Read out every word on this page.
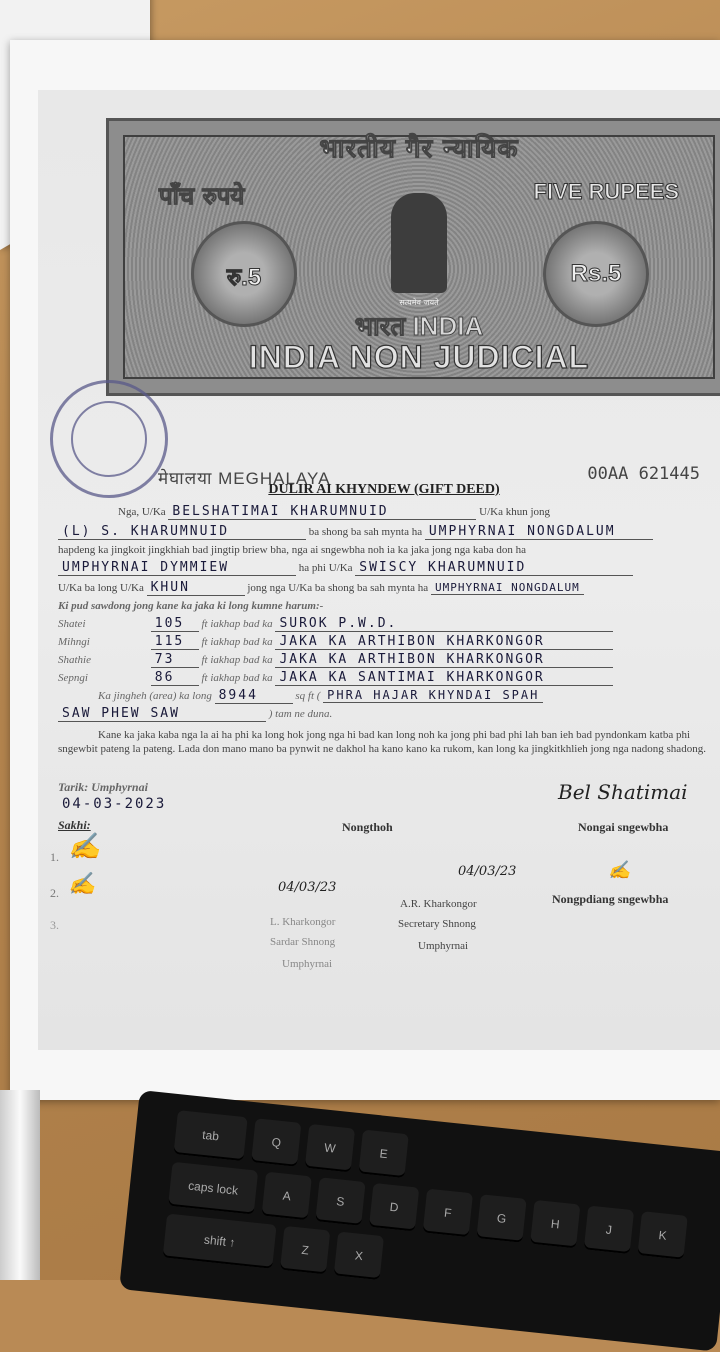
भारतीय गैर न्यायिक
पाँच रुपये	FIVE RUPEES
रु.5	Rs.5
सत्यमेव जयते
भारत INDIA
INDIA NON JUDICIAL
मेघालया MEGHALAYA	00AA 621445
DULIR AI KHYNDEW (GIFT DEED)
Nga, U/Ka BELSHATIMAI KHARUMNUID	U/Ka khun jong
(L) S. KHARUMNUID	ba shong ba sah mynta ha UMPHYRNAI NONGDALUM
hapdeng ka jingkoit jingkhiah bad jingtip briew bha, nga ai sngewbha noh ia ka jaka jong nga kaba don ha
UMPHYRNAI DYMMIEW	ha phi U/Ka SWISCY KHARUMNUID
U/Ka ba long U/Ka KHUN	jong nga U/Ka ba shong ba sah mynta ha UMPHYRNAI NONGDALUM
Ki pud sawdong jong kane ka jaka ki long kumne harum:-
Shatei	105 ft iakhap bad ka SUROK P.W.D.
Mihngi	115 ft iakhap bad ka JAKA KA ARTHIBON KHARKONGOR
Shathie	73 ft iakhap bad ka JAKA KA ARTHIBON KHARKONGOR
Sepngi	86 ft iakhap bad ka JAKA KA SANTIMAI KHARKONGOR
Ka jingheh (area) ka long 8944	sq ft ( PHRA HAJAR KHYNDAI SPAH
SAW PHEW SAW	) tam ne duna.
Kane ka jaka kaba nga la ai ha phi ka long hok jong nga hi bad kan long noh ka jong phi bad phi lah ban ieh bad pyndonkam katba phi sngewbit pateng la pateng. Lada don mano mano ba pynwit ne dakhol ha kano kano ka rukom, kan long ka jingkitkhlieh jong nga nadong shadong.
Tarik: Umphyrnai
04-03-2023	Bel Shatimai
Sakhi:	Nongthoh	Nongai sngewbha
1. ✍
2. ✍
3.
04/03/23
L. Kharkongor
Sardar Shnong
Umphyrnai
04/03/23
A.R. Kharkongor
Secretary Shnong
Umphyrnai
✍
Nongpdiang sngewbha
tab	Q	W	E
caps lock	A	S	D	F	G	H	J
shift ↑
Z	X
K
